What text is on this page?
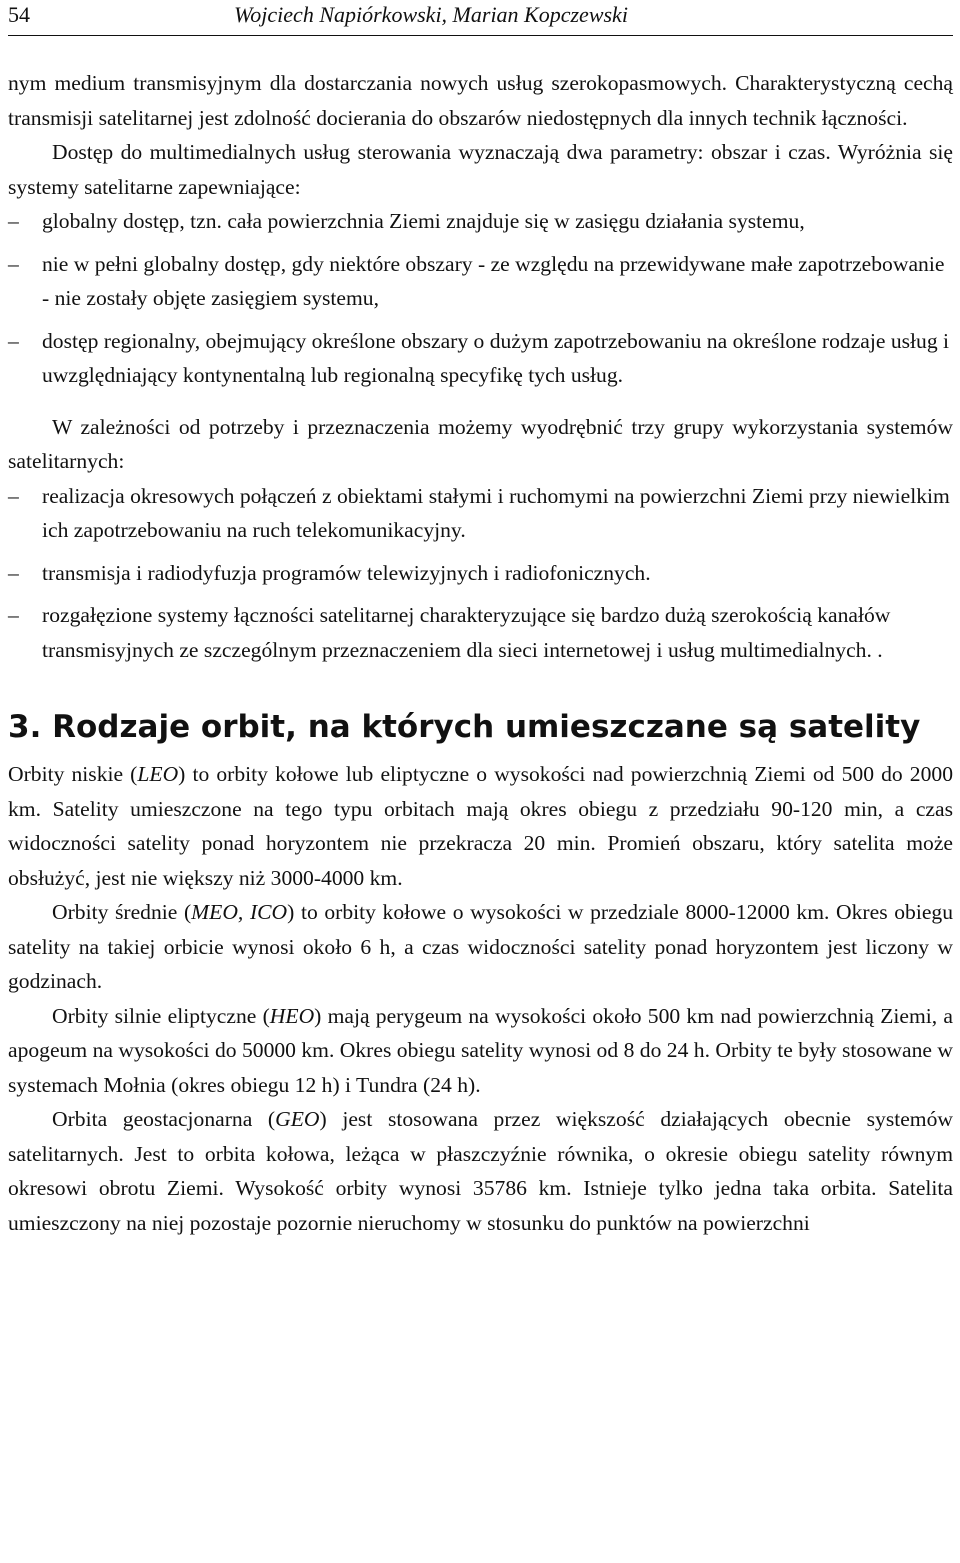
54	Wojciech Napiórkowski, Marian Kopczewski

nym medium transmisyjnym dla dostarczania nowych usług szerokopasmowych. Charakterystyczną cechą transmisji satelitarnej jest zdolność docierania do obszarów niedostępnych dla innych technik łączności.

Dostęp do multimedialnych usług sterowania wyznaczają dwa parametry: obszar i czas. Wyróżnia się systemy satelitarne zapewniające:

– globalny dostęp, tzn. cała powierzchnia Ziemi znajduje się w zasięgu działania systemu,
– nie w pełni globalny dostęp, gdy niektóre obszary - ze względu na przewidywane małe zapotrzebowanie - nie zostały objęte zasięgiem systemu,
– dostęp regionalny, obejmujący określone obszary o dużym zapotrzebowaniu na określone rodzaje usług i uwzględniający kontynentalną lub regionalną specyfikę tych usług.

W zależności od potrzeby i przeznaczenia możemy wyodrębnić trzy grupy wykorzystania systemów satelitarnych:

– realizacja okresowych połączeń z obiektami stałymi i ruchomymi na powierzchni Ziemi przy niewielkim ich zapotrzebowaniu na ruch telekomunikacyjny.
– transmisja i radiodyfuzja programów telewizyjnych i radiofonicznych.
– rozgałęzione systemy łączności satelitarnej charakteryzujące się bardzo dużą szerokością kanałów transmisyjnych ze szczególnym przeznaczeniem dla sieci internetowej i usług multimedialnych. .
3. Rodzaje orbit, na których umieszczane są satelity

Orbity niskie (LEO) to orbity kołowe lub eliptyczne o wysokości nad powierzchnią Ziemi od 500 do 2000 km. Satelity umieszczone na tego typu orbitach mają okres obiegu z przedziału 90-120 min, a czas widoczności satelity ponad horyzontem nie przekracza 20 min. Promień obszaru, który satelita może obsłużyć, jest nie większy niż 3000-4000 km.

Orbity średnie (MEO, ICO) to orbity kołowe o wysokości w przedziale 8000-12000 km. Okres obiegu satelity na takiej orbicie wynosi około 6 h, a czas widoczności satelity ponad horyzontem jest liczony w godzinach.

Orbity silnie eliptyczne (HEO) mają perygeum na wysokości około 500 km nad powierzchnią Ziemi, a apogeum na wysokości do 50000 km. Okres obiegu satelity wynosi od 8 do 24 h. Orbity te były stosowane w systemach Mołnia (okres obiegu 12 h) i Tundra (24 h).

Orbita geostacjonarna (GEO) jest stosowana przez większość działających obecnie systemów satelitarnych. Jest to orbita kołowa, leżąca w płaszczyźnie równika, o okresie obiegu satelity równym okresowi obrotu Ziemi. Wysokość orbity wynosi 35786 km. Istnieje tylko jedna taka orbita. Satelita umieszczony na niej pozostaje pozornie nieruchomy w stosunku do punktów na powierzchni
